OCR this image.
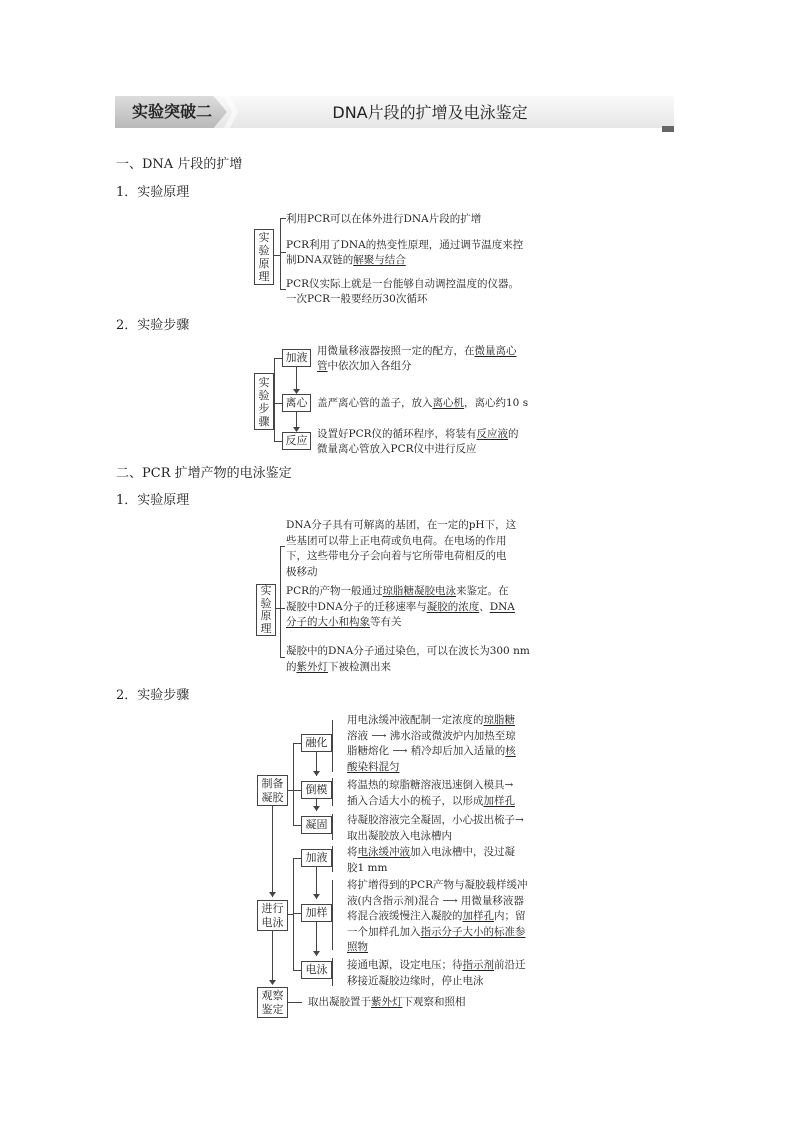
实验突破二	DNA片段的扩增及电泳鉴定
一、DNA 片段的扩增
1．实验原理
实验原理
利用PCR可以在体外进行DNA片段的扩增
PCR利用了DNA的热变性原理，通过调节温度来控
制DNA双链的解聚与结合
PCR仪实际上就是一台能够自动调控温度的仪器。
一次PCR一般要经历30次循环
2．实验步骤
实验步骤
加液
离心
反应
用微量移液器按照一定的配方，在微量离心
管中依次加入各组分
盖严离心管的盖子，放入离心机，离心约10 s
设置好PCR仪的循环程序，将装有反应液的
微量离心管放入PCR仪中进行反应
二、PCR 扩增产物的电泳鉴定
1．实验原理
实验原理
DNA分子具有可解离的基团，在一定的pH下，这
些基团可以带上正电荷或负电荷。在电场的作用
下，这些带电分子会向着与它所带电荷相反的电
极移动
PCR的产物一般通过琼脂糖凝胶电泳来鉴定。在
凝胶中DNA分子的迁移速率与凝胶的浓度、DNA
分子的大小和构象等有关
凝胶中的DNA分子通过染色，可以在波长为300 nm
的紫外灯下被检测出来
2．实验步骤
制备凝胶
进行电泳
观察鉴定
融化
倒模
凝固
加液
加样
电泳
用电泳缓冲液配制一定浓度的琼脂糖
溶液 ⟶ 沸水浴或微波炉内加热至琼
脂糖熔化 ⟶ 稍冷却后加入适量的核
酸染料混匀
将温热的琼脂糖溶液迅速倒入模具→
插入合适大小的梳子，以形成加样孔
待凝胶溶液完全凝固，小心拔出梳子→
取出凝胶放入电泳槽内
将电泳缓冲液加入电泳槽中，没过凝
胶1 mm
将扩增得到的PCR产物与凝胶载样缓冲
液(内含指示剂)混合 ⟶ 用微量移液器
将混合液缓慢注入凝胶的加样孔内；留
一个加样孔加入指示分子大小的标准参
照物
接通电源，设定电压；待指示剂前沿迁
移接近凝胶边缘时，停止电泳
取出凝胶置于紫外灯下观察和照相
